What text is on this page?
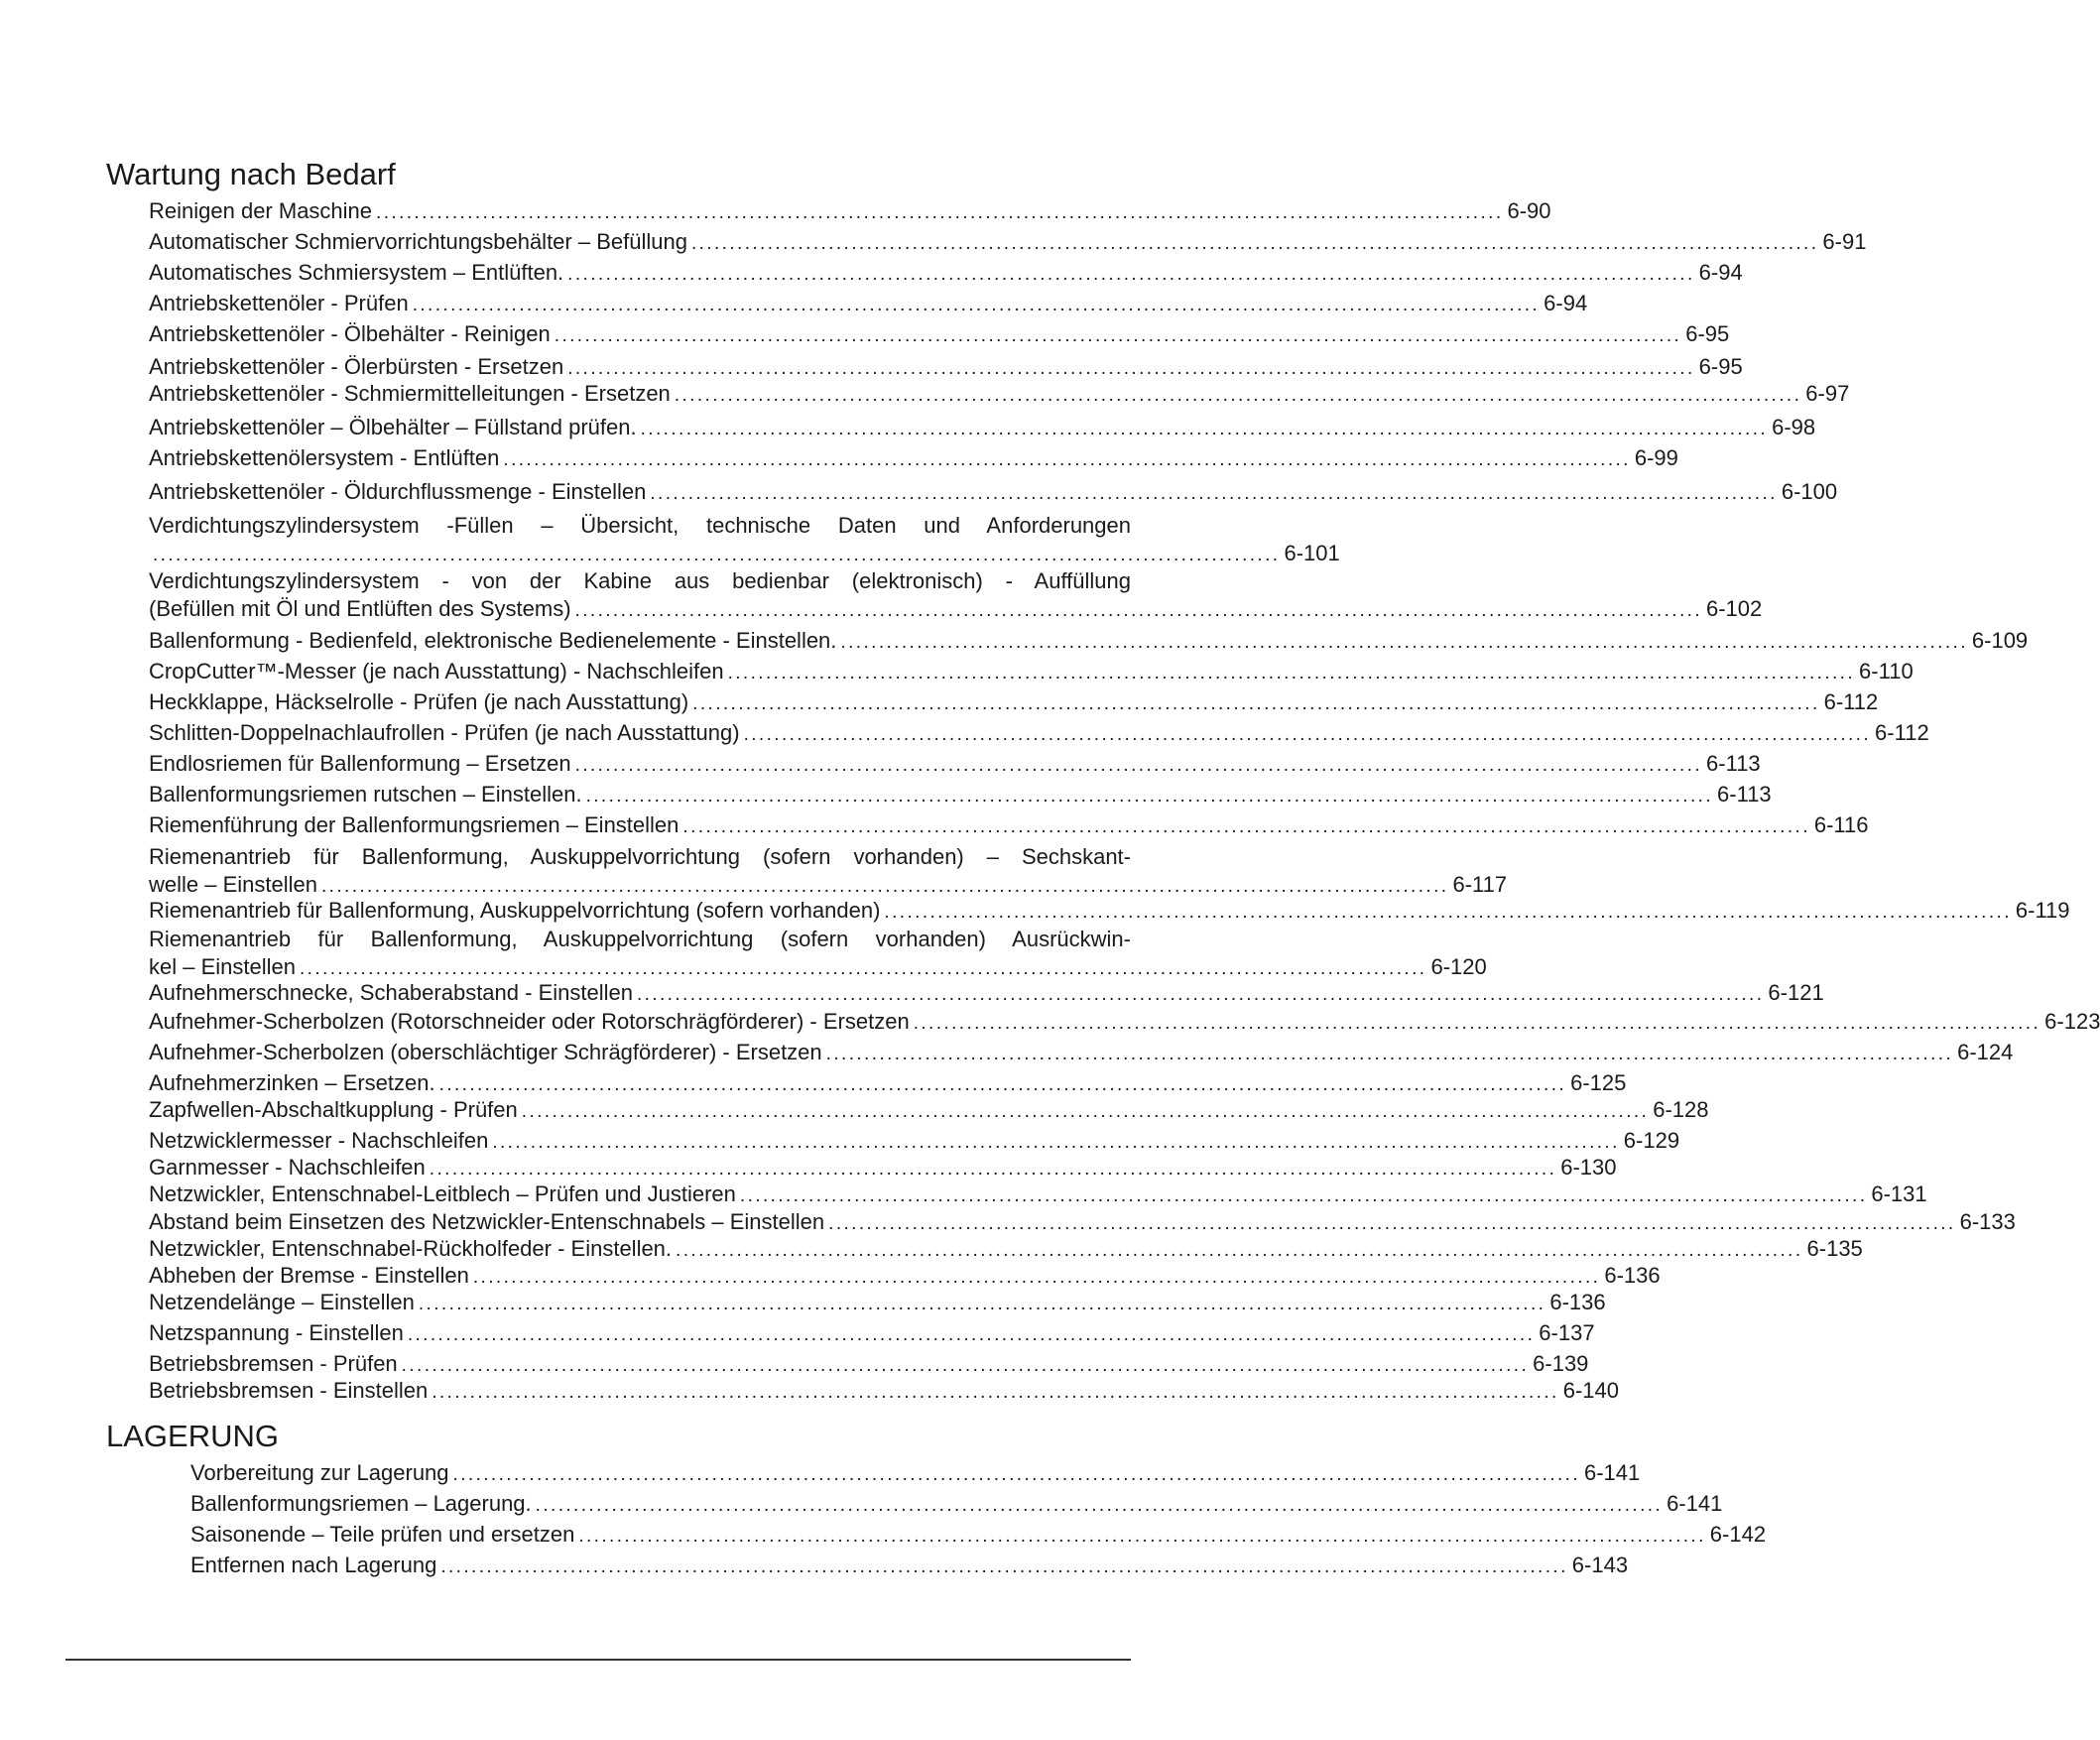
Wartung nach Bedarf
Reinigen der Maschine .................................................................................................................................................... 6-90
Automatischer Schmiervorrichtungsbehälter – Befüllung .................................................................................................................................................... 6-91
Automatisches Schmiersystem – Entlüften. .................................................................................................................................................... 6-94
Antriebskettenöler - Prüfen .................................................................................................................................................... 6-94
Antriebskettenöler - Ölbehälter - Reinigen .................................................................................................................................................... 6-95
Antriebskettenöler - Ölerbürsten - Ersetzen .................................................................................................................................................... 6-95
Antriebskettenöler - Schmiermittelleitungen - Ersetzen .................................................................................................................................................... 6-97
Antriebskettenöler – Ölbehälter – Füllstand prüfen. .................................................................................................................................................... 6-98
Antriebskettenölersystem - Entlüften .................................................................................................................................................... 6-99
Antriebskettenöler - Öldurchflussmenge - Einstellen .................................................................................................................................................... 6-100
Verdichtungszylindersystem -Füllen – Übersicht, technische Daten und Anforderungen
.................................................................................................................................................... 6-101
Verdichtungszylindersystem - von der Kabine aus bedienbar (elektronisch) - Auffüllung
(Befüllen mit Öl und Entlüften des Systems) .................................................................................................................................................... 6-102
Ballenformung - Bedienfeld, elektronische Bedienelemente - Einstellen. .................................................................................................................................................... 6-109
CropCutter™-Messer (je nach Ausstattung) - Nachschleifen .................................................................................................................................................... 6-110
Heckklappe, Häckselrolle - Prüfen (je nach Ausstattung) .................................................................................................................................................... 6-112
Schlitten-Doppelnachlaufrollen - Prüfen (je nach Ausstattung) .................................................................................................................................................... 6-112
Endlosriemen für Ballenformung – Ersetzen .................................................................................................................................................... 6-113
Ballenformungsriemen rutschen – Einstellen. .................................................................................................................................................... 6-113
Riemenführung der Ballenformungsriemen – Einstellen .................................................................................................................................................... 6-116
Riemenantrieb für Ballenformung, Auskuppelvorrichtung (sofern vorhanden) – Sechskant-
welle – Einstellen .................................................................................................................................................... 6-117
Riemenantrieb für Ballenformung, Auskuppelvorrichtung (sofern vorhanden) .................................................................................................................................................... 6-119
Riemenantrieb für Ballenformung, Auskuppelvorrichtung (sofern vorhanden) Ausrückwin-
kel – Einstellen .................................................................................................................................................... 6-120
Aufnehmerschnecke, Schaberabstand - Einstellen .................................................................................................................................................... 6-121
Aufnehmer-Scherbolzen (Rotorschneider oder Rotorschrägförderer) - Ersetzen .................................................................................................................................................... 6-123
Aufnehmer-Scherbolzen (oberschlächtiger Schrägförderer) - Ersetzen .................................................................................................................................................... 6-124
Aufnehmerzinken – Ersetzen. .................................................................................................................................................... 6-125
Zapfwellen-Abschaltkupplung - Prüfen .................................................................................................................................................... 6-128
Netzwicklermesser - Nachschleifen .................................................................................................................................................... 6-129
Garnmesser - Nachschleifen .................................................................................................................................................... 6-130
Netzwickler, Entenschnabel-Leitblech – Prüfen und Justieren .................................................................................................................................................... 6-131
Abstand beim Einsetzen des Netzwickler-Entenschnabels – Einstellen .................................................................................................................................................... 6-133
Netzwickler, Entenschnabel-Rückholfeder - Einstellen. .................................................................................................................................................... 6-135
Abheben der Bremse - Einstellen .................................................................................................................................................... 6-136
Netzendelänge – Einstellen .................................................................................................................................................... 6-136
Netzspannung - Einstellen .................................................................................................................................................... 6-137
Betriebsbremsen - Prüfen .................................................................................................................................................... 6-139
Betriebsbremsen - Einstellen .................................................................................................................................................... 6-140
LAGERUNG
Vorbereitung zur Lagerung .................................................................................................................................................... 6-141
Ballenformungsriemen – Lagerung. .................................................................................................................................................... 6-141
Saisonende – Teile prüfen und ersetzen .................................................................................................................................................... 6-142
Entfernen nach Lagerung .................................................................................................................................................... 6-143
